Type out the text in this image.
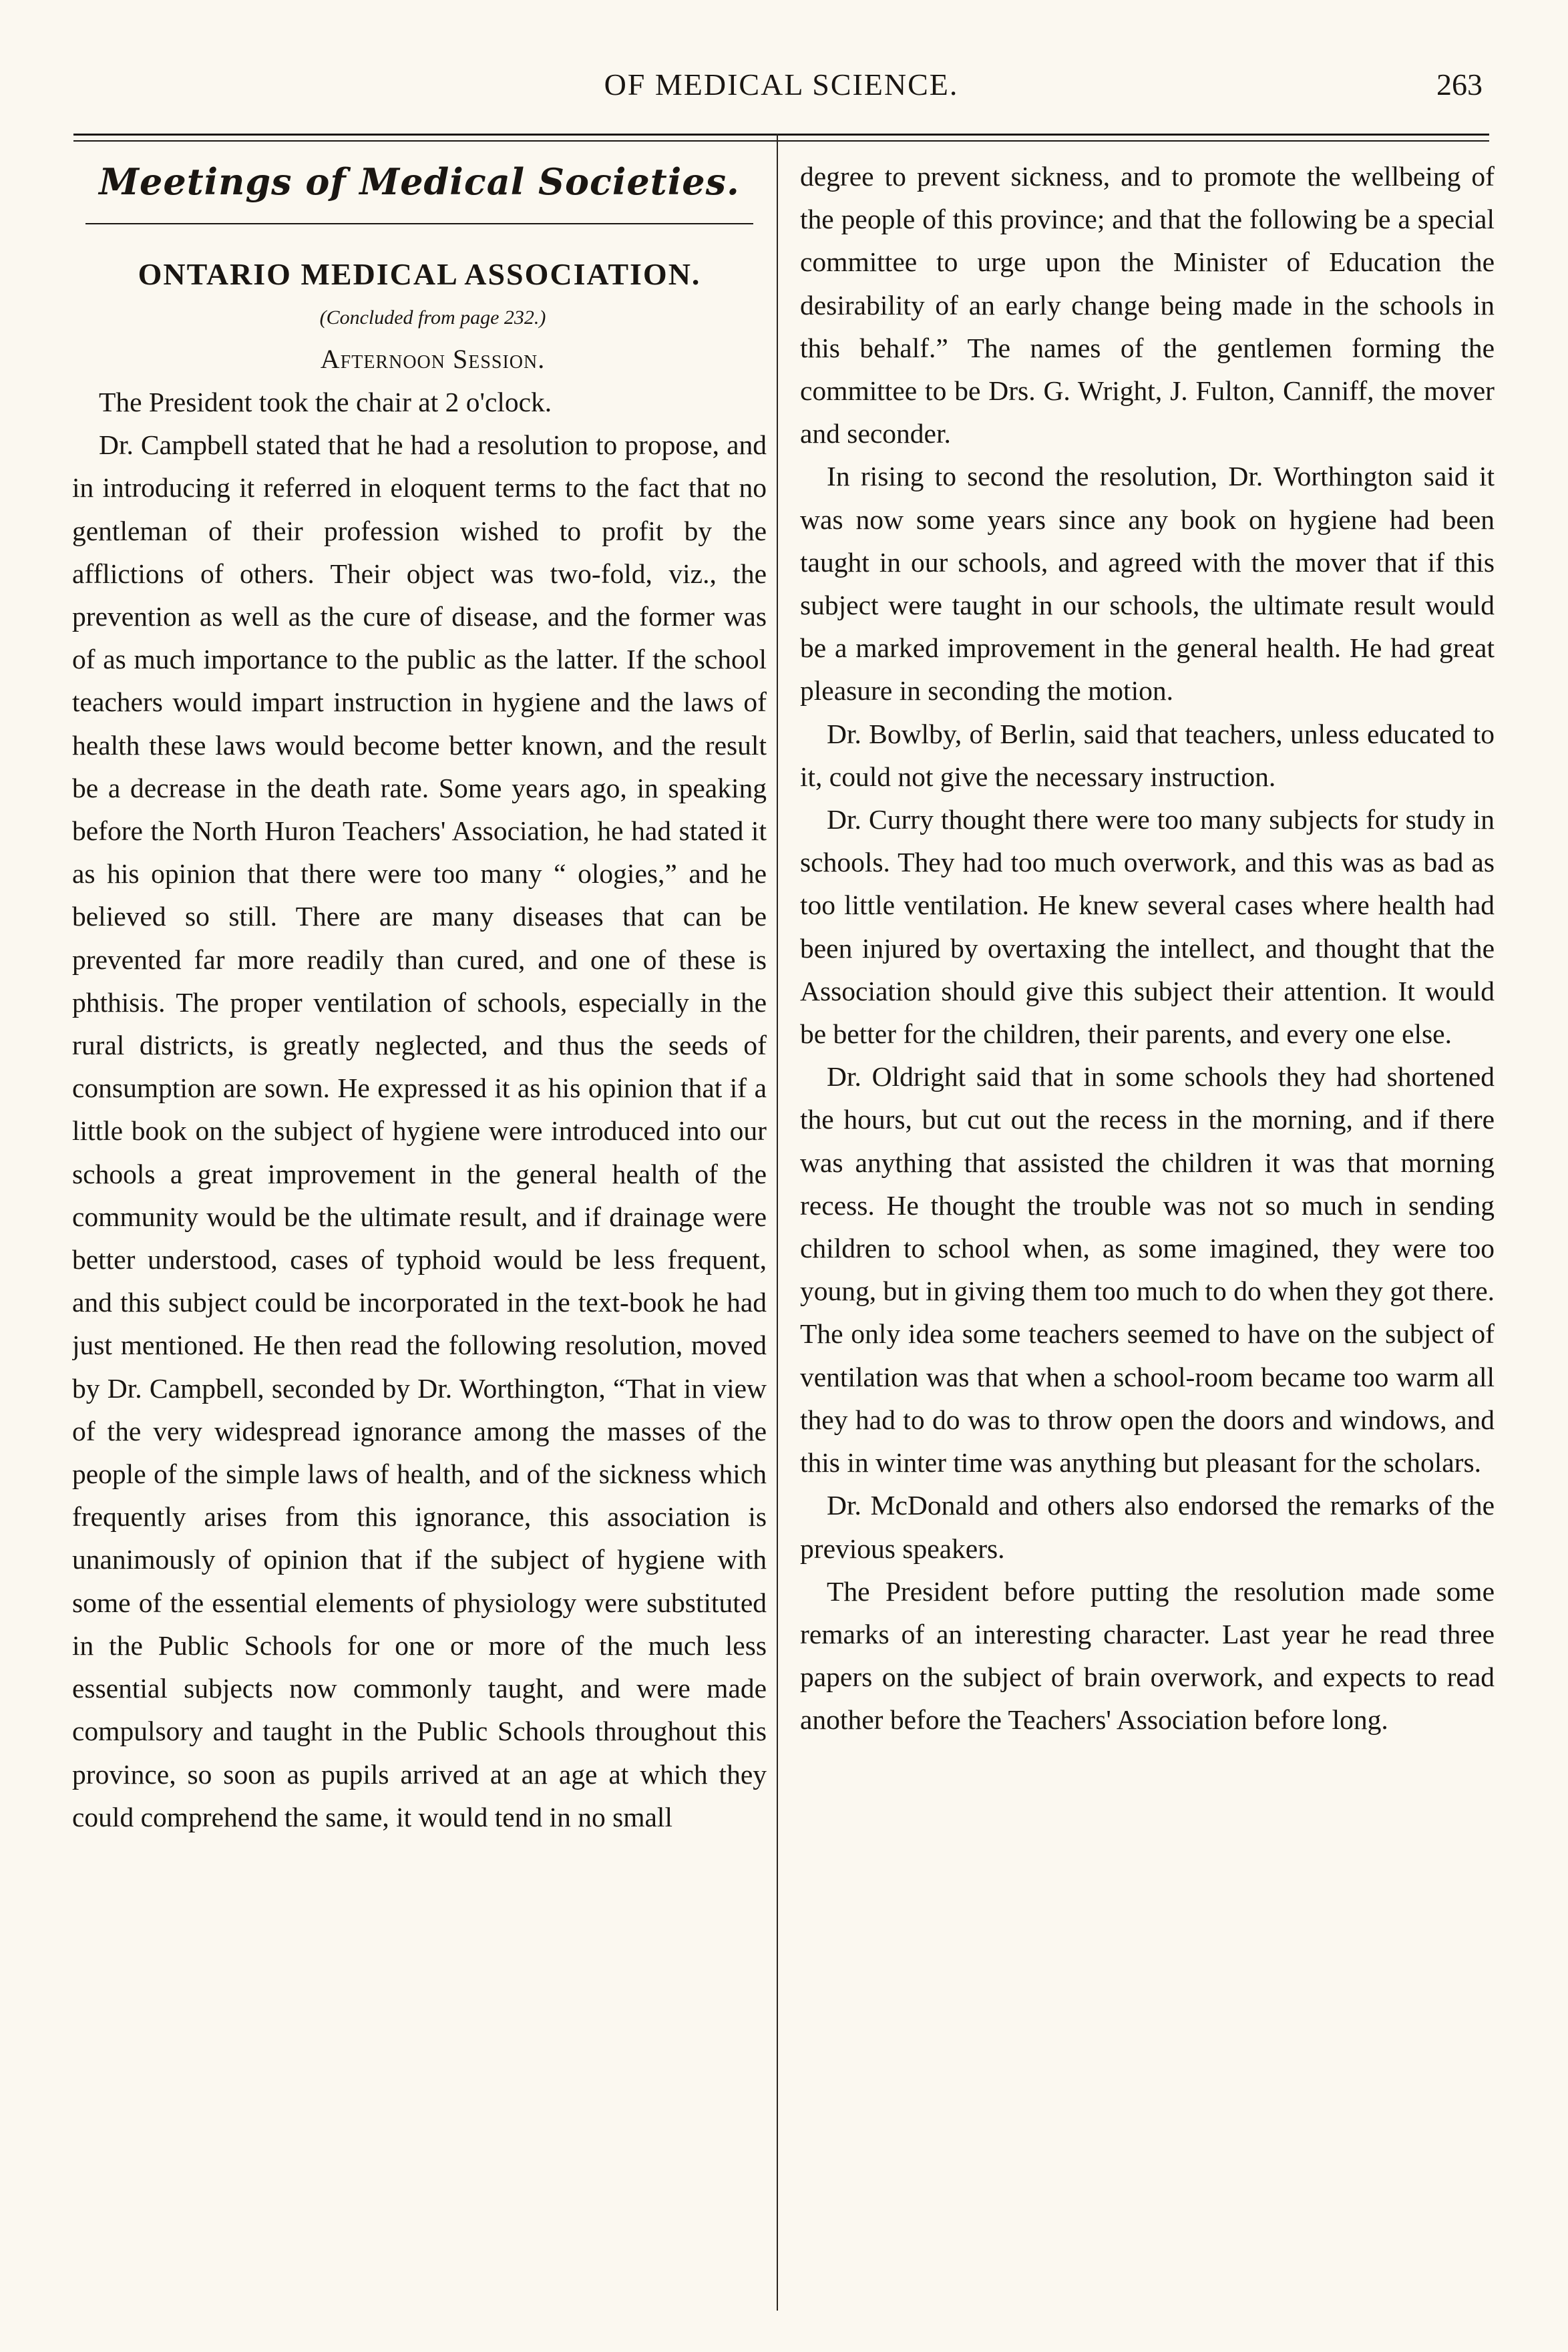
OF MEDICAL SCIENCE.	263
Meetings of Medical Societies.
ONTARIO MEDICAL ASSOCIATION.

(Concluded from page 232.)

Afternoon Session.

The President took the chair at 2 o'clock.

Dr. Campbell stated that he had a resolution to propose, and in introducing it referred in eloquent terms to the fact that no gentleman of their profession wished to profit by the afflictions of others. Their object was two-fold, viz., the prevention as well as the cure of disease, and the former was of as much importance to the public as the latter. If the school teachers would impart instruction in hygiene and the laws of health these laws would become better known, and the result be a decrease in the death rate. Some years ago, in speaking before the North Huron Teachers' Association, he had stated it as his opinion that there were too many “ ologies,” and he believed so still. There are many diseases that can be prevented far more readily than cured, and one of these is phthisis. The proper ventilation of schools, especially in the rural districts, is greatly neglected, and thus the seeds of consumption are sown. He expressed it as his opinion that if a little book on the subject of hygiene were introduced into our schools a great improvement in the general health of the community would be the ultimate result, and if drainage were better understood, cases of typhoid would be less frequent, and this subject could be incorporated in the text-book he had just mentioned. He then read the following resolution, moved by Dr. Campbell, seconded by Dr. Worthington, “That in view of the very widespread ignorance among the masses of the people of the simple laws of health, and of the sickness which frequently arises from this ignorance, this association is unanimously of opinion that if the subject of hygiene with some of the essential elements of physiology were substituted in the Public Schools for one or more of the much less essential subjects now commonly taught, and were made compulsory and taught in the Public Schools throughout this province, so soon as pupils arrived at an age at which they could comprehend the same, it would tend in no small

degree to prevent sickness, and to promote the wellbeing of the people of this province; and that the following be a special committee to urge upon the Minister of Education the desirability of an early change being made in the schools in this behalf.” The names of the gentlemen forming the committee to be Drs. G. Wright, J. Fulton, Canniff, the mover and seconder.

In rising to second the resolution, Dr. Worthington said it was now some years since any book on hygiene had been taught in our schools, and agreed with the mover that if this subject were taught in our schools, the ultimate result would be a marked improvement in the general health. He had great pleasure in seconding the motion.

Dr. Bowlby, of Berlin, said that teachers, unless educated to it, could not give the necessary instruction.

Dr. Curry thought there were too many subjects for study in schools. They had too much overwork, and this was as bad as too little ventilation. He knew several cases where health had been injured by overtaxing the intellect, and thought that the Association should give this subject their attention. It would be better for the children, their parents, and every one else.

Dr. Oldright said that in some schools they had shortened the hours, but cut out the recess in the morning, and if there was anything that assisted the children it was that morning recess. He thought the trouble was not so much in sending children to school when, as some imagined, they were too young, but in giving them too much to do when they got there. The only idea some teachers seemed to have on the subject of ventilation was that when a school-room became too warm all they had to do was to throw open the doors and windows, and this in winter time was anything but pleasant for the scholars.

Dr. McDonald and others also endorsed the remarks of the previous speakers.

The President before putting the resolution made some remarks of an interesting character. Last year he read three papers on the subject of brain overwork, and expects to read another before the Teachers' Association before long.
